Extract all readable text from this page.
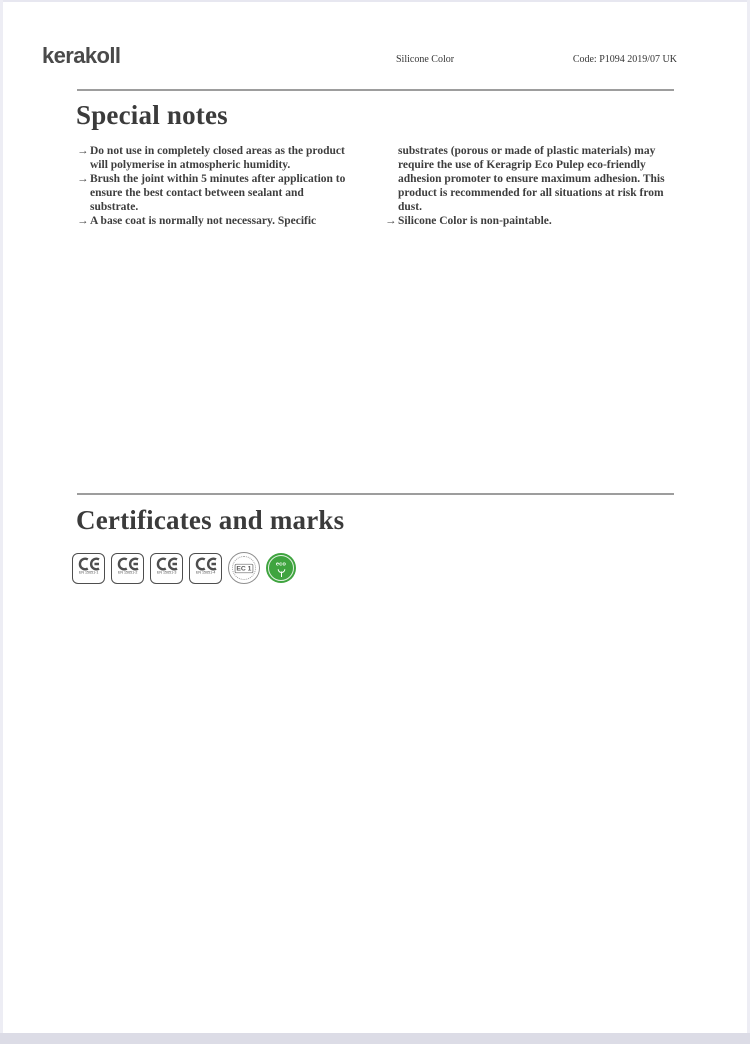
kerakoll	Silicone Color	Code: P1094 2019/07 UK
Special notes
→ Do not use in completely closed areas as the product will polymerise in atmospheric humidity.
→ Brush the joint within 5 minutes after application to ensure the best contact between sealant and substrate.
→ A base coat is normally not necessary. Specific
substrates (porous or made of plastic materials) may require the use of Keragrip Eco Pulep eco-friendly adhesion promoter to ensure maximum adhesion. This product is recommended for all situations at risk from dust.
→ Silicone Color is non-paintable.
Certificates and marks
EN 15651-1	EN 15651-2	EN 15651-3	EN 15651-4
EC 1
eco
